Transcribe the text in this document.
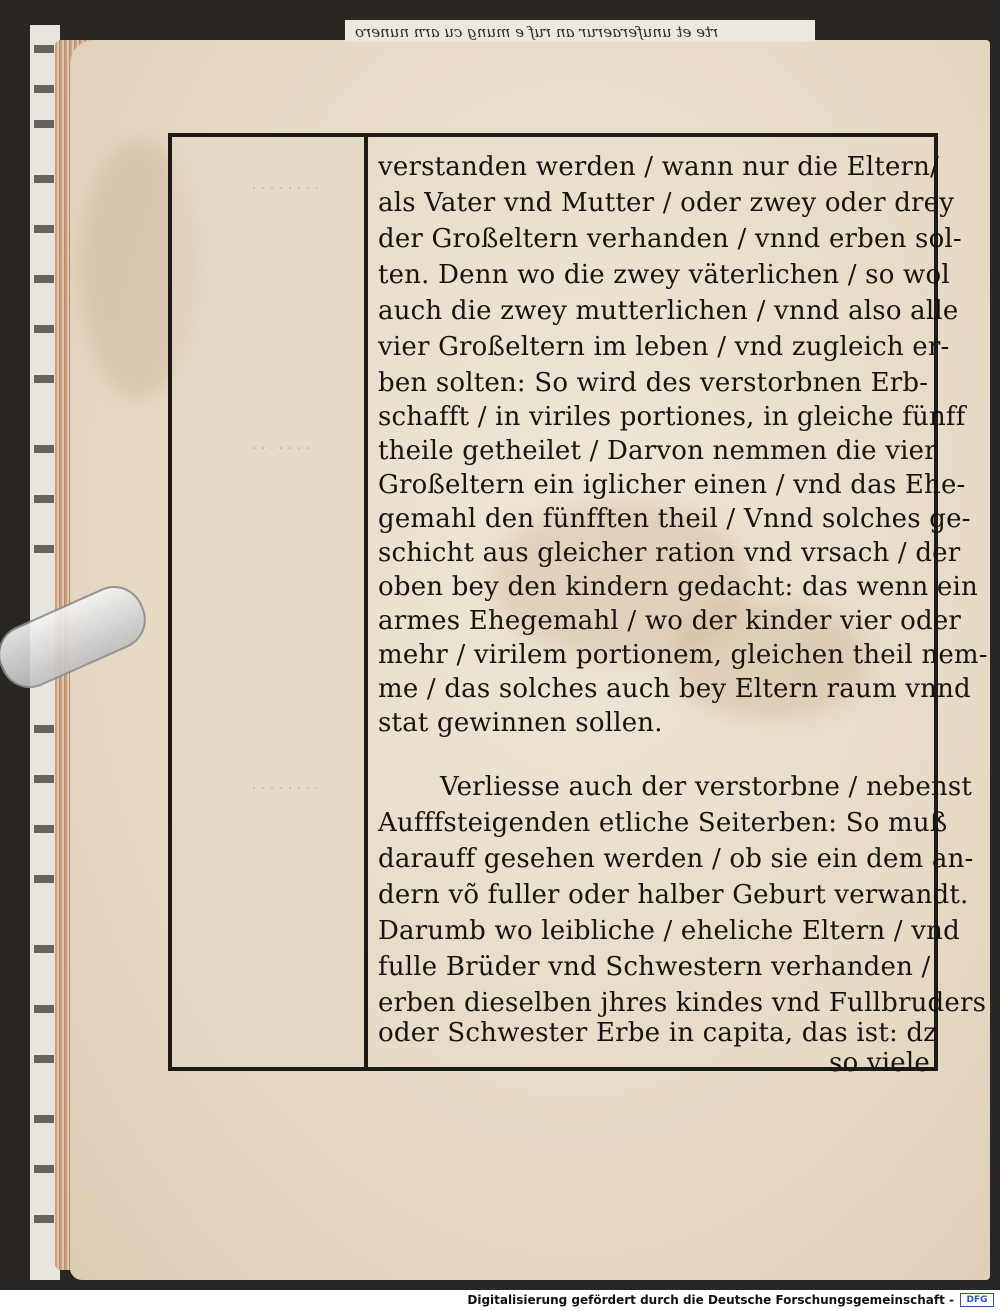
rte et unuferaerur an ruf e mung cu arn nunero
. . . . . . . .
. . . . . . .
. . . . . . . .

verstanden werden / wann nur die Eltern/

als Vater vnd Mutter / oder zwey oder drey

der Großeltern verhanden / vnnd erben sol-

ten. Denn wo die zwey väterlichen / so wol

auch die zwey mutterlichen / vnnd also alle

vier Großeltern im leben / vnd zugleich er-

ben solten: So wird des verstorbnen Erb-

schafft / in viriles portiones, in gleiche fünff

theile getheilet / Darvon nemmen die vier

Großeltern ein iglicher einen / vnd das Ehe-

gemahl den fünfften theil / Vnnd solches ge-

schicht aus gleicher ration vnd vrsach / der

oben bey den kindern gedacht: das wenn ein

armes Ehegemahl / wo der kinder vier oder

mehr / virilem portionem, gleichen theil nem-

me / das solches auch bey Eltern raum vnnd

stat gewinnen sollen.

Verliesse auch der verstorbne / nebenst

Aufffsteigenden etliche Seiterben: So muß

darauff gesehen werden / ob sie ein dem an-

dern võ fuller oder halber Geburt verwandt.

Darumb wo leibliche / eheliche Eltern / vnd

fulle Brüder vnd Schwestern verhanden /

erben dieselben jhres kindes vnd Fullbruders

oder Schwester Erbe in capita, das ist: dz

so viele

Digitalisierung gefördert durch die Deutsche Forschungsgemeinschaft -	DFG
